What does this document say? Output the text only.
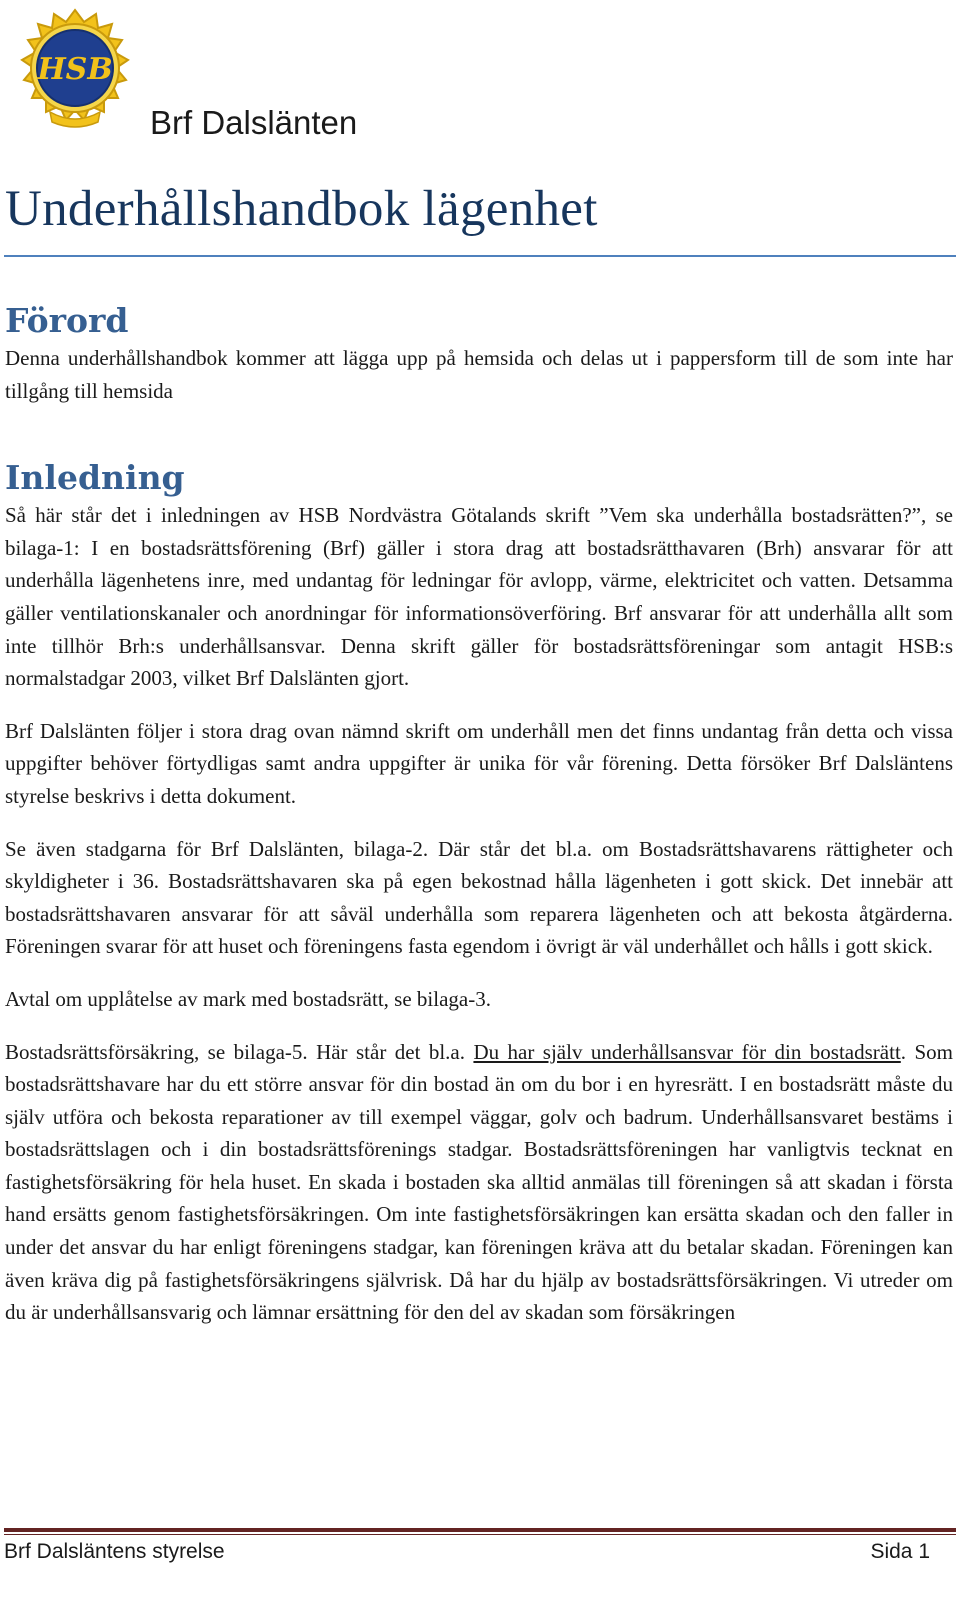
HSB
Brf Dalslänten
Underhållshandbok lägenhet
Förord

Denna underhållshandbok kommer att lägga upp på hemsida och delas ut i pappersform till de som inte har tillgång till hemsida

Inledning

Så här står det i inledningen av HSB Nordvästra Götalands skrift ”Vem ska underhålla bostadsrätten?”, se bilaga-1: I en bostadsrättsförening (Brf) gäller i stora drag att bostadsrätthavaren (Brh) ansvarar för att underhålla lägenhetens inre, med undantag för ledningar för avlopp, värme, elektricitet och vatten. Detsamma gäller ventilationskanaler och anordningar för informationsöverföring. Brf ansvarar för att underhålla allt som inte tillhör Brh:s underhållsansvar. Denna skrift gäller för bostadsrättsföreningar som antagit HSB:s normalstadgar 2003, vilket Brf Dalslänten gjort.

Brf Dalslänten följer i stora drag ovan nämnd skrift om underhåll men det finns undantag från detta och vissa uppgifter behöver förtydligas samt andra uppgifter är unika för vår förening. Detta försöker Brf Dalsläntens styrelse beskrivs i detta dokument.

Se även stadgarna för Brf Dalslänten, bilaga-2. Där står det bl.a. om Bostadsrättshavarens rättigheter och skyldigheter i 36. Bostadsrättshavaren ska på egen bekostnad hålla lägenheten i gott skick. Det innebär att bostadsrättshavaren ansvarar för att såväl underhålla som reparera lägenheten och att bekosta åtgärderna. Föreningen svarar för att huset och föreningens fasta egendom i övrigt är väl underhållet och hålls i gott skick.

Avtal om upplåtelse av mark med bostadsrätt, se bilaga-3.

Bostadsrättsförsäkring, se bilaga-5. Här står det bl.a. Du har själv underhållsansvar för din bostadsrätt. Som bostadsrättshavare har du ett större ansvar för din bostad än om du bor i en hyresrätt. I en bostadsrätt måste du själv utföra och bekosta reparationer av till exempel väggar, golv och badrum. Underhållsansvaret bestäms i bostadsrättslagen och i din bostadsrättsförenings stadgar. Bostadsrättsföreningen har vanligtvis tecknat en fastighetsförsäkring för hela huset. En skada i bostaden ska alltid anmälas till föreningen så att skadan i första hand ersätts genom fastighetsförsäkringen. Om inte fastighetsförsäkringen kan ersätta skadan och den faller in under det ansvar du har enligt föreningens stadgar, kan föreningen kräva att du betalar skadan. Föreningen kan även kräva dig på fastighetsförsäkringens självrisk. Då har du hjälp av bostadsrättsförsäkringen. Vi utreder om du är underhållsansvarig och lämnar ersättning för den del av skadan som försäkringen

Brf Dalsläntens styrelse	Sida 1
